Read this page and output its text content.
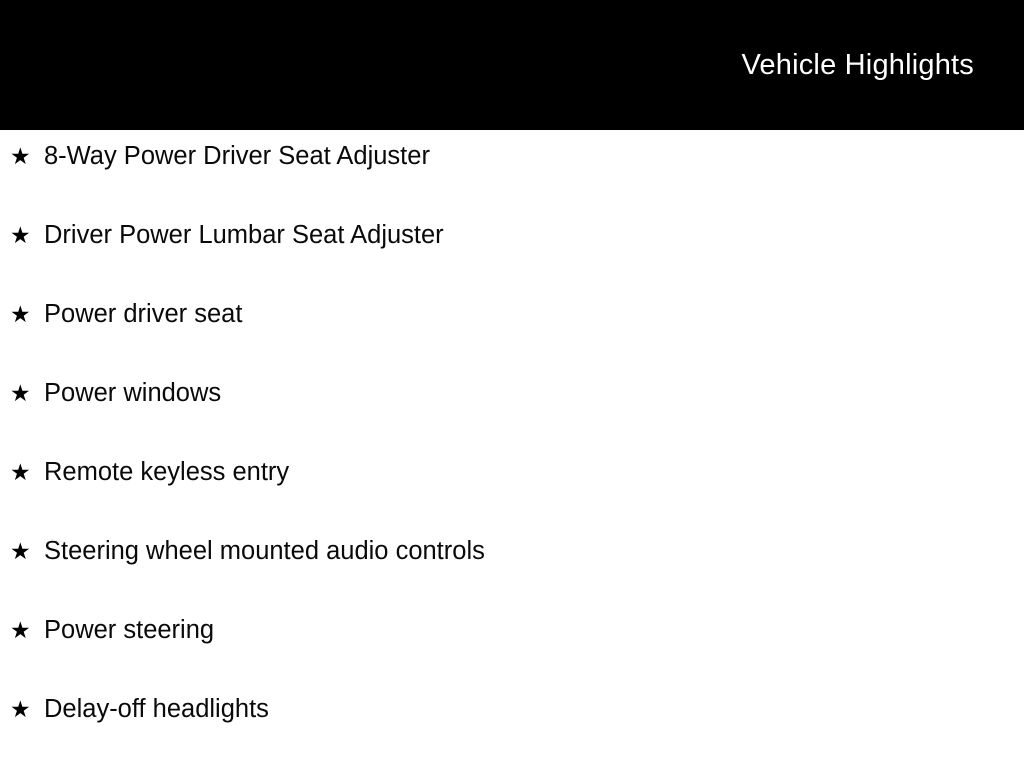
Vehicle Highlights
★ 8-Way Power Driver Seat Adjuster
★ Driver Power Lumbar Seat Adjuster
★ Power driver seat
★ Power windows
★ Remote keyless entry
★ Steering wheel mounted audio controls
★ Power steering
★ Delay-off headlights
